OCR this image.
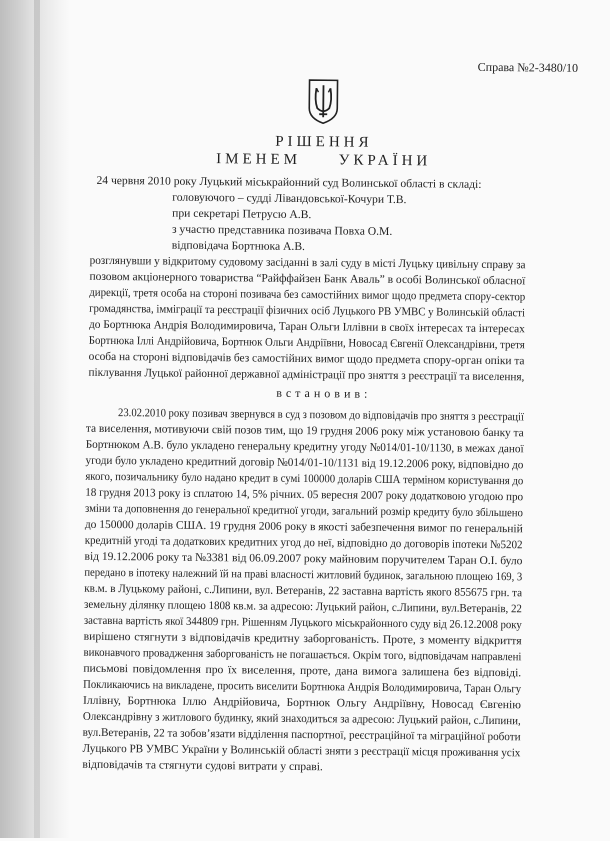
Справа №2-3480/10
РІШЕННЯ
ІМЕНЕМ УКРАЇНИ
24 червня 2010 року Луцький міськрайонний суд Волинської області в складі:
головуючого – судді Лівандовської-Кочури Т.В.
при секретарі Петрусю А.В.
з участю представника позивача Повха О.М.
відповідача Бортнюка А.В.
розглянувши у відкритому судовому засіданні в залі суду в місті Луцьку цивільну справу за
позовом акціонерного товариства “Райффайзен Банк Аваль” в особі Волинської обласної
дирекції, третя особа на стороні позивача без самостійних вимог щодо предмета спору-сектор
громадянства, імміграції та реєстрації фізичних осіб Луцького РВ УМВС у Волинській області
до Бортнюка Андрія Володимировича, Таран Ольги Іллівни в своїх інтересах та інтересах
Бортнюка Іллі Андрійовича, Бортнюк Ольги Андріївни, Новосад Євгенії Олександрівни, третя
особа на стороні відповідачів без самостійних вимог щодо предмета спору-орган опіки та
піклування Луцької районної державної адміністрації про зняття з реєстрації та виселення,
встановив:
23.02.2010 року позивач звернувся в суд з позовом до відповідачів про зняття з реєстрації
та виселення, мотивуючи свій позов тим, що 19 грудня 2006 року між установою банку та
Бортнюком А.В. було укладено генеральну кредитну угоду №014/01-10/1130, в межах даної
угоди було укладено кредитний договір №014/01-10/1131 від 19.12.2006 року, відповідно до
якого, позичальнику було надано кредит в сумі 100000 доларів США терміном користування до
18 грудня 2013 року із сплатою 14, 5% річних. 05 вересня 2007 року додатковою угодою про
зміни та доповнення до генеральної кредитної угоди, загальний розмір кредиту було збільшено
до 150000 доларів США. 19 грудня 2006 року в якості забезпечення вимог по генеральній
кредитній угоді та додаткових кредитних угод до неї, відповідно до договорів іпотеки №5202
від 19.12.2006 року та №3381 від 06.09.2007 року майновим поручителем Таран О.І. було
передано в іпотеку належний їй на праві власності житловий будинок, загальною площею 169, 3
кв.м. в Луцькому районі, с.Липини, вул. Ветеранів, 22 заставна вартість якого 855675 грн. та
земельну ділянку площею 1808 кв.м. за адресою: Луцький район, с.Липини, вул.Ветеранів, 22
заставна вартість якої 344809 грн. Рішенням Луцького міськрайонного суду від 26.12.2008 року
вирішено стягнути з відповідачів кредитну заборгованість. Проте, з моменту відкриття
виконавчого провадження заборгованість не погашається. Окрім того, відповідачам направлені
письмові повідомлення про їх виселення, проте, дана вимога залишена без відповіді.
Покликаючись на викладене, просить виселити Бортнюка Андрія Володимировича, Таран Ольгу
Іллівну, Бортнюка Іллю Андрійовича, Бортнюк Ольгу Андріївну, Новосад Євгенію
Олександрівну з житлового будинку, який знаходиться за адресою: Луцький район, с.Липини,
вул.Ветеранів, 22 та зобов’язати відділення паспортної, реєстраційної та міграційної роботи
Луцького РВ УМВС України у Волинській області зняти з реєстрації місця проживання усіх
відповідачів та стягнути судові витрати у справі.
